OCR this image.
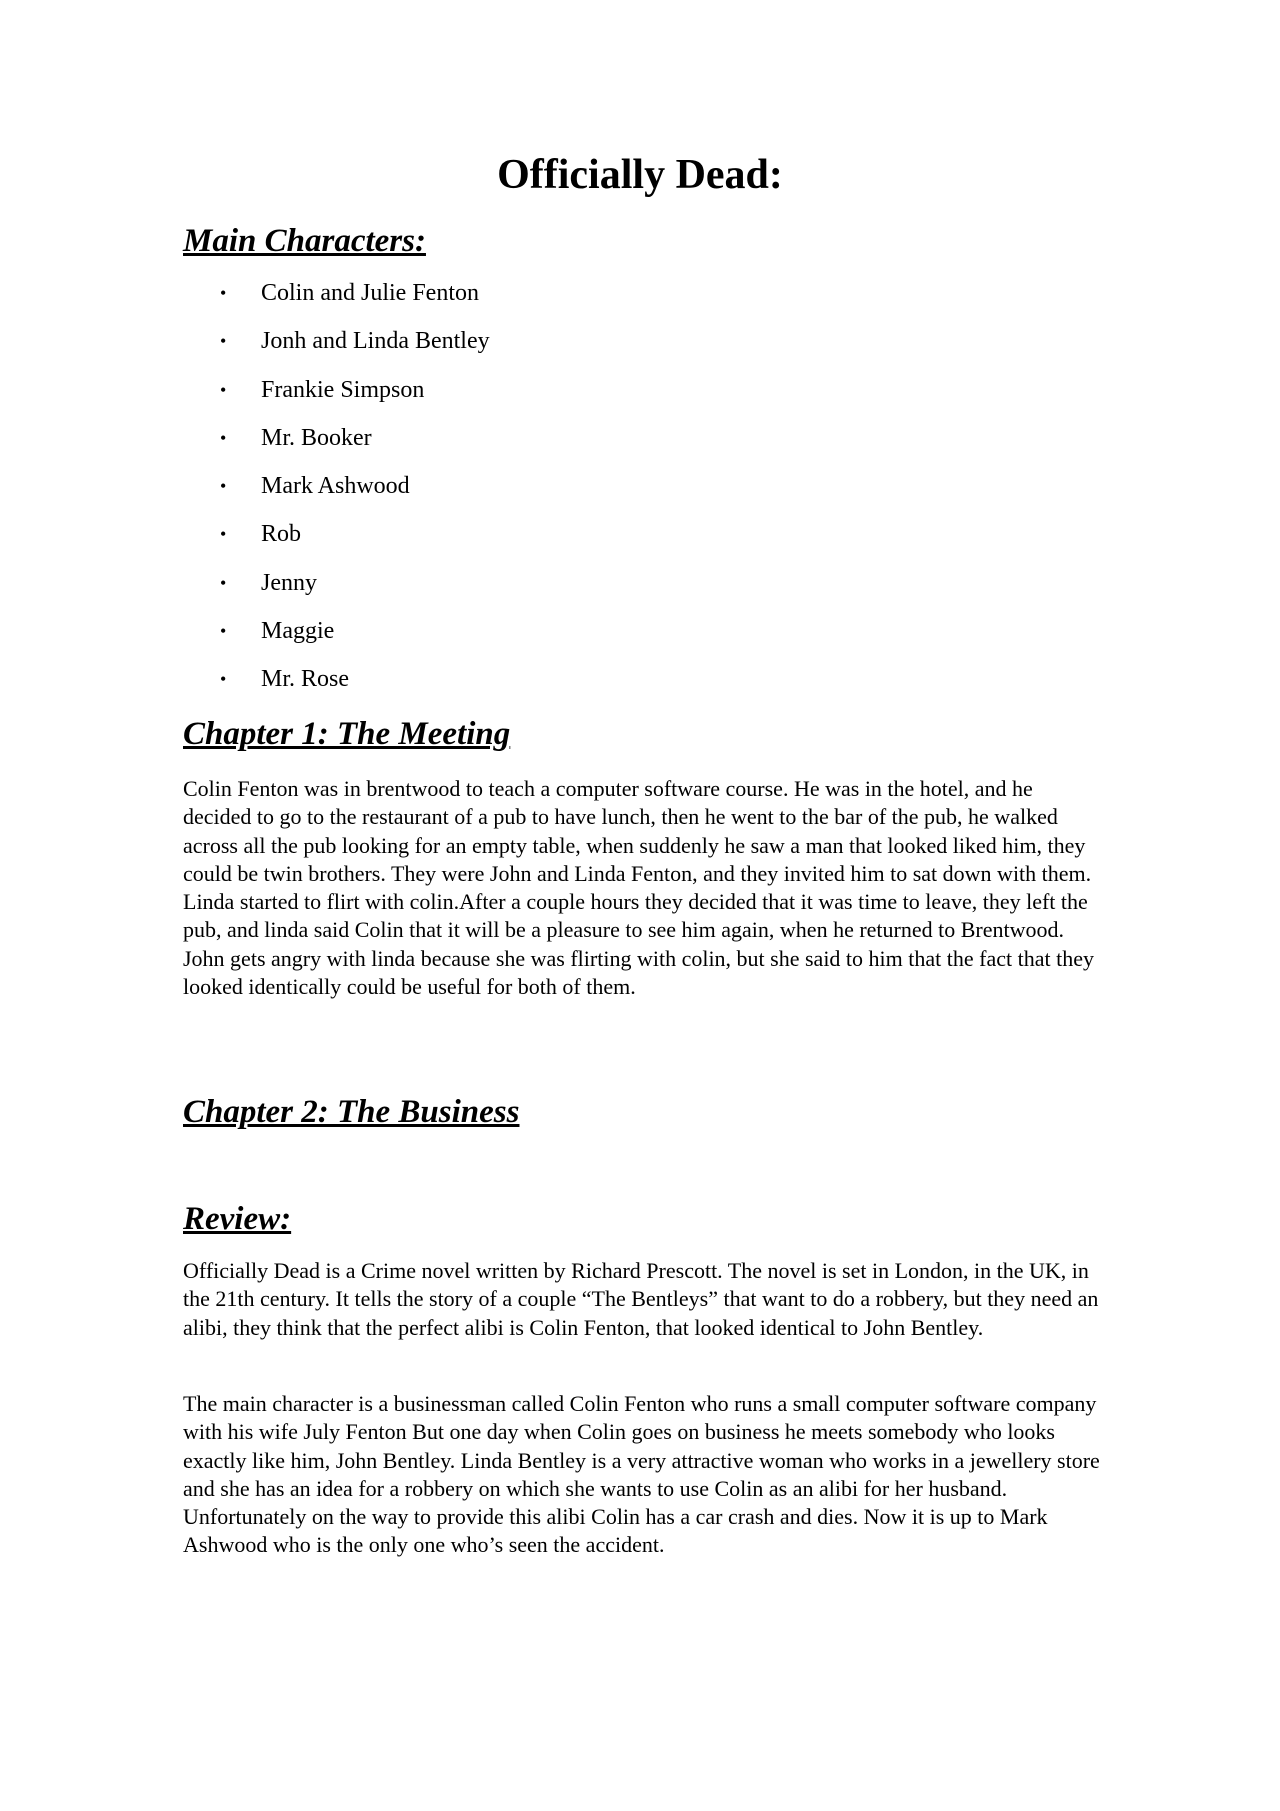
Officially Dead:
Main Characters:
• Colin and Julie Fenton
• Jonh and Linda Bentley
• Frankie Simpson
• Mr. Booker
• Mark Ashwood
• Rob
• Jenny
• Maggie
• Mr. Rose
Chapter 1: The Meeting

Colin Fenton was in brentwood to teach a computer software course. He was in the hotel, and he decided to go to the restaurant of a pub to have lunch, then he went to the bar of the pub, he walked across all the pub looking for an empty table, when suddenly he saw a man that looked liked him, they could be twin brothers. They were John and Linda Fenton, and they invited him to sat down with them. Linda started to flirt with colin.After a couple hours they decided that it was time to leave, they left the pub, and linda said Colin that it will be a pleasure to see him again, when he returned to Brentwood. John gets angry with linda because she was flirting with colin, but she said to him that the fact that they looked identically could be useful for both of them.

Chapter 2: The Business
Review:

Officially Dead is a Crime novel written by Richard Prescott. The novel is set in London, in the UK, in the 21th century. It tells the story of a couple “The Bentleys” that want to do a robbery, but they need an alibi, they think that the perfect alibi is Colin Fenton, that looked identical to John Bentley.

The main character is a businessman called Colin Fenton who runs a small computer software company with his wife July Fenton But one day when Colin goes on business he meets somebody who looks exactly like him, John Bentley. Linda Bentley is a very attractive woman who works in a jewellery store and she has an idea for a robbery on which she wants to use Colin as an alibi for her husband. Unfortunately on the way to provide this alibi Colin has a car crash and dies. Now it is up to Mark Ashwood who is the only one who’s seen the accident.
